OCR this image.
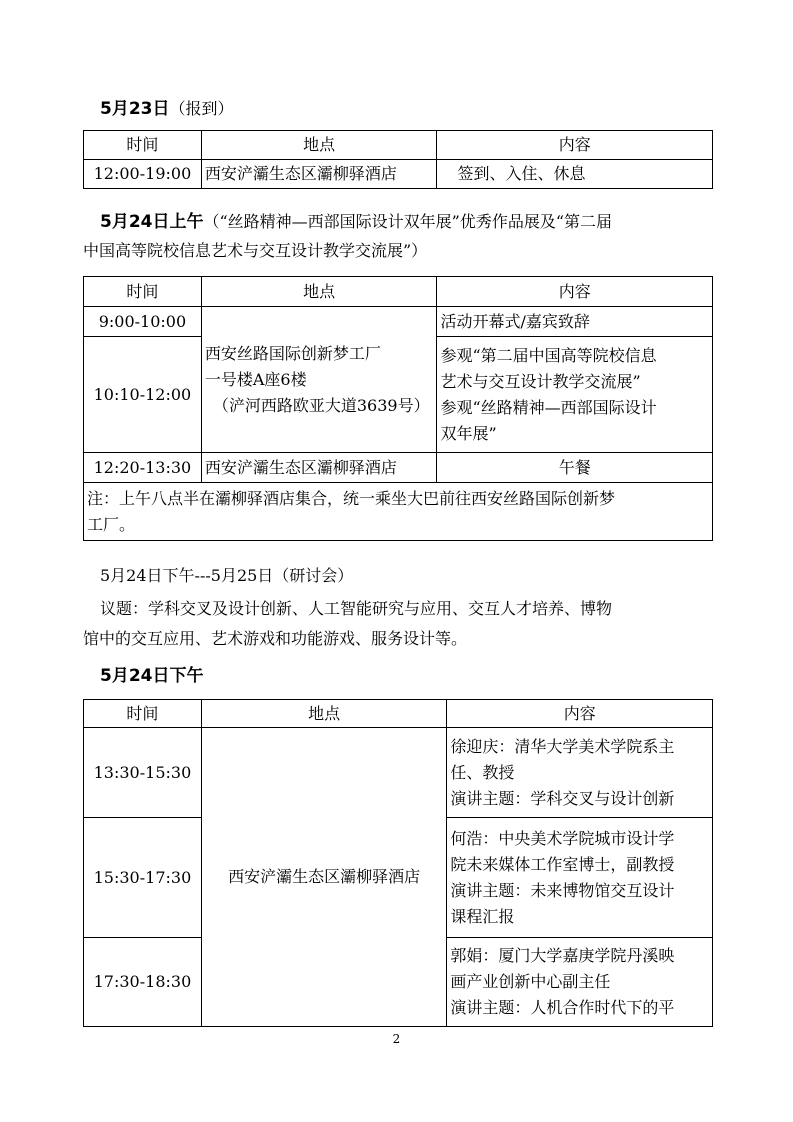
5月23日（报到）
时间	地点	内容
12:00-19:00	西安浐灞生态区灞柳驿酒店	签到、入住、休息
5月24日上午（“丝路精神—西部国际设计双年展”优秀作品展及“第二届
中国高等院校信息艺术与交互设计教学交流展”）
时间	地点	内容
9:00-10:00	西安丝路国际创新梦工厂
一号楼A座6楼
（浐河西路欧亚大道3639号）	活动开幕式/嘉宾致辞
10:10-12:00		参观“第二届中国高等院校信息
艺术与交互设计教学交流展”
参观“丝路精神—西部国际设计
双年展”

12:20-13:30	西安浐灞生态区灞柳驿酒店	午餐

注：上午八点半在灞柳驿酒店集合，统一乘坐大巴前往西安丝路国际创新梦
工厂。		
5月24日下午---5月25日（研讨会）
议题：学科交叉及设计创新、人工智能研究与应用、交互人才培养、博物
馆中的交互应用、艺术游戏和功能游戏、服务设计等。
5月24日下午
时间	地点	内容
13:30-15:30	西安浐灞生态区灞柳驿酒店	徐迎庆：清华大学美术学院系主
任、教授
演讲主题：学科交叉与设计创新

15:30-17:30		何浩：中央美术学院城市设计学
院未来媒体工作室博士，副教授
演讲主题：未来博物馆交互设计
课程汇报

17:30-18:30		郭娟：厦门大学嘉庚学院丹溪映
画产业创新中心副主任
演讲主题：人机合作时代下的平
2
